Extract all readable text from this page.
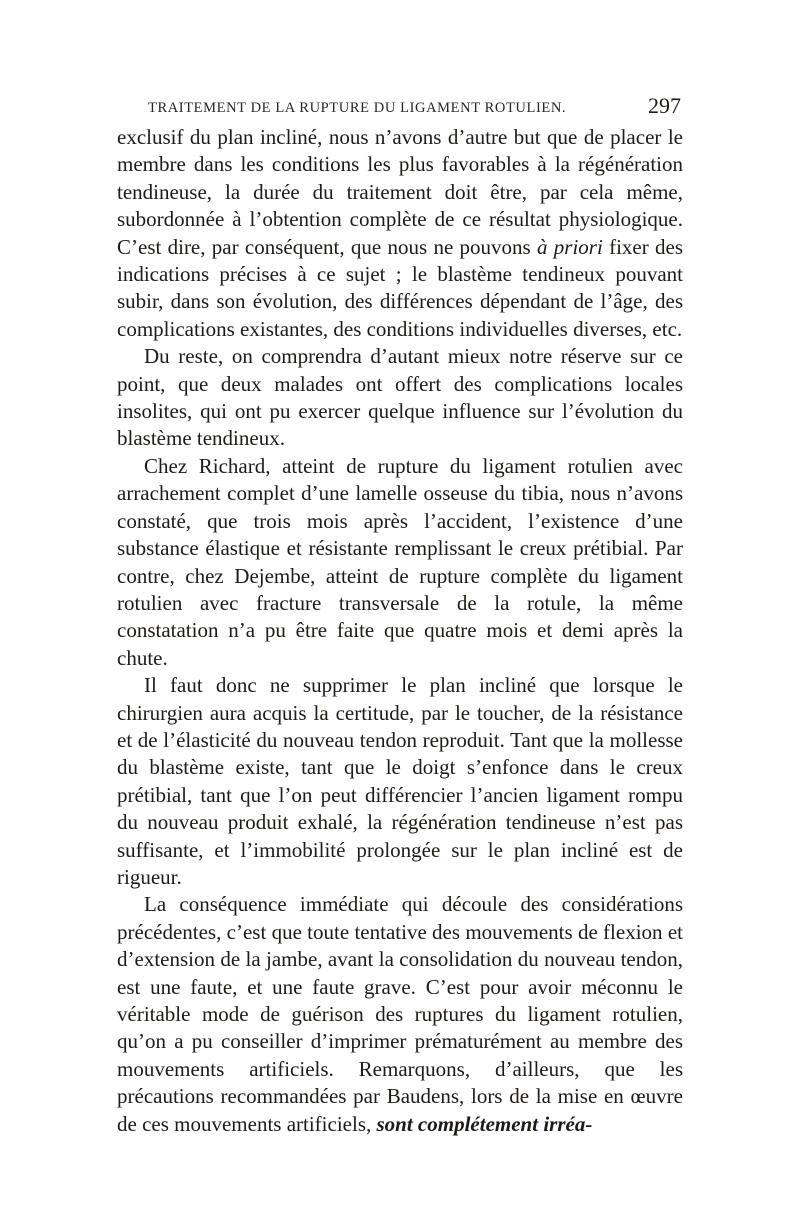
TRAITEMENT DE LA RUPTURE DU LIGAMENT ROTULIEN.	297

exclusif du plan incliné, nous n’avons d’autre but que de placer le membre dans les conditions les plus favorables à la régénération tendineuse, la durée du traitement doit être, par cela même, subordonnée à l’obtention complète de ce résultat physiologique. C’est dire, par conséquent, que nous ne pouvons à priori fixer des indications précises à ce sujet ; le blastème tendineux pouvant subir, dans son évolution, des différences dépendant de l’âge, des complications existantes, des conditions individuelles diverses, etc.

Du reste, on comprendra d’autant mieux notre réserve sur ce point, que deux malades ont offert des complications locales insolites, qui ont pu exercer quelque influence sur l’évolution du blastème tendineux.

Chez Richard, atteint de rupture du ligament rotulien avec arrachement complet d’une lamelle osseuse du tibia, nous n’avons constaté, que trois mois après l’accident, l’existence d’une substance élastique et résistante remplissant le creux prétibial. Par contre, chez Dejembe, atteint de rupture complète du ligament rotulien avec fracture transversale de la rotule, la même constatation n’a pu être faite que quatre mois et demi après la chute.

Il faut donc ne supprimer le plan incliné que lorsque le chirurgien aura acquis la certitude, par le toucher, de la résistance et de l’élasticité du nouveau tendon reproduit. Tant que la mollesse du blastème existe, tant que le doigt s’enfonce dans le creux prétibial, tant que l’on peut différencier l’ancien ligament rompu du nouveau produit exhalé, la régénération tendineuse n’est pas suffisante, et l’immobilité prolongée sur le plan incliné est de rigueur.

La conséquence immédiate qui découle des considérations précédentes, c’est que toute tentative des mouvements de flexion et d’extension de la jambe, avant la consolidation du nouveau tendon, est une faute, et une faute grave. C’est pour avoir méconnu le véritable mode de guérison des ruptures du ligament rotulien, qu’on a pu conseiller d’imprimer prématurément au membre des mouvements artificiels. Remarquons, d’ailleurs, que les précautions recommandées par Baudens, lors de la mise en œuvre de ces mouvements artificiels, sont complétement irréa-
